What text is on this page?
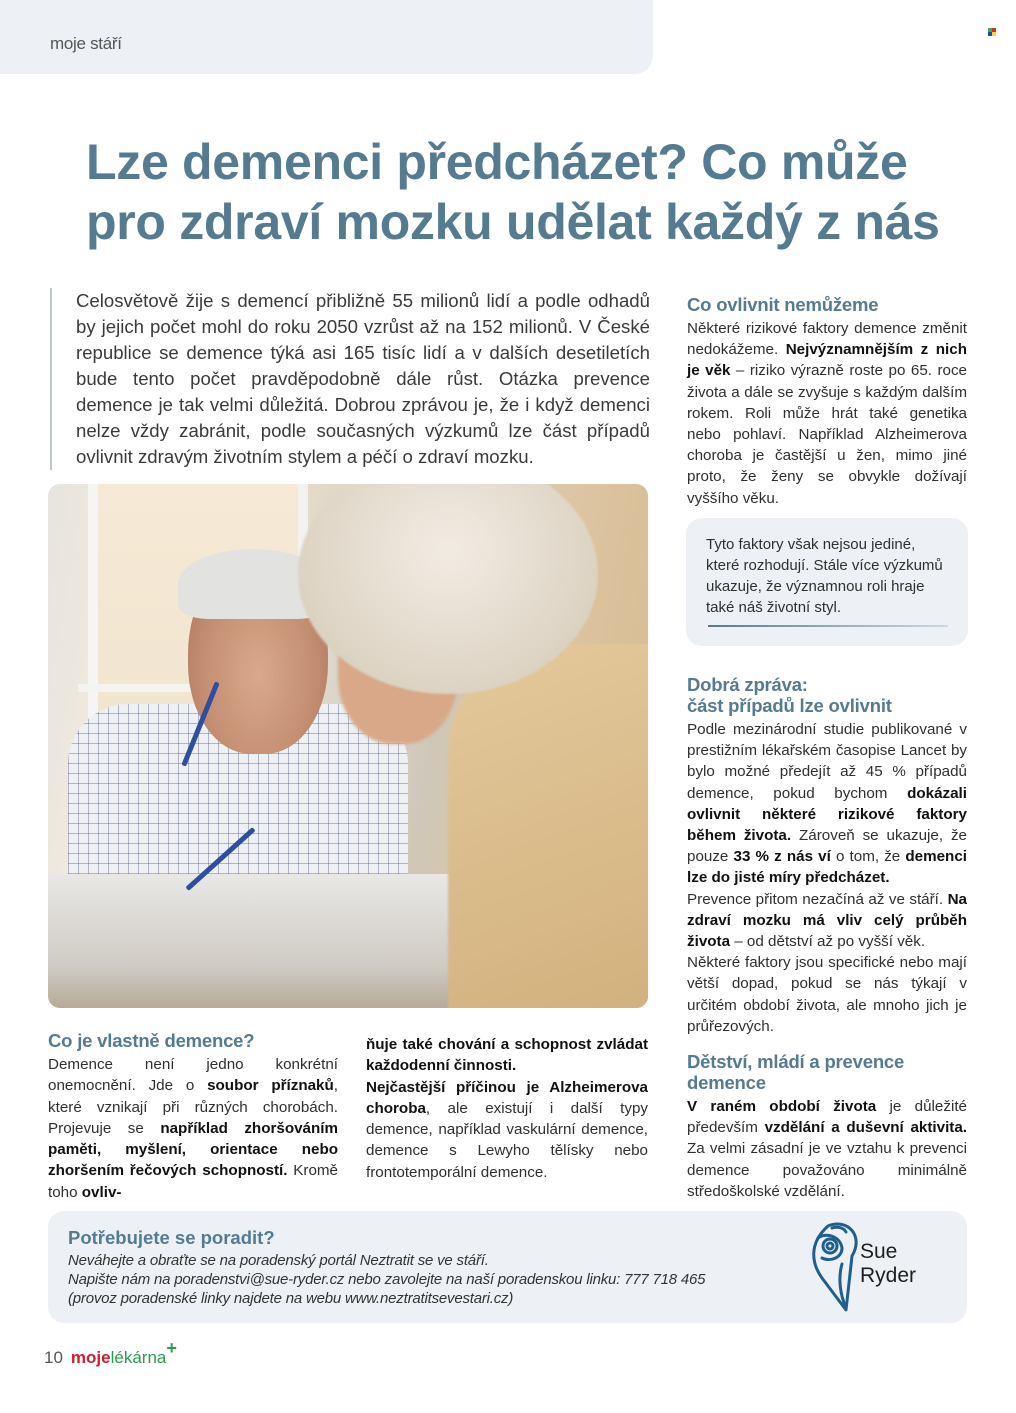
moje stáří
Lze demenci předcházet? Co může
pro zdraví mozku udělat každý z nás

Celosvětově žije s demencí přibližně 55 milionů lidí a podle odhadů by jejich počet mohl do roku 2050 vzrůst až na 152 milionů. V České republice se demence týká asi 165 tisíc lidí a v dalších desetiletích bude tento počet pravděpodobně dále růst. Otázka prevence demence je tak velmi důležitá. Dobrou zprávou je, že i když demenci nelze vždy zabránit, podle současných výzkumů lze část případů ovlivnit zdravým životním stylem a péčí o zdraví mozku.

Co ovlivnit nemůžeme

Některé rizikové faktory demence změnit nedokážeme. Nejvýznamnějším z nich je věk – riziko výrazně roste po 65. roce života a dále se zvyšuje s každým dalším rokem. Roli může hrát také genetika nebo pohlaví. Například Alzheimerova choroba je častější u žen, mimo jiné proto, že ženy se obvykle dožívají vyššího věku.

Tyto faktory však nejsou jediné, které rozhodují. Stále více výzkumů ukazuje, že významnou roli hraje také náš životní styl.

Dobrá zpráva:
část případů lze ovlivnit

Podle mezinárodní studie publikované v prestižním lékařském časopise Lancet by bylo možné předejít až 45 % případů demence, pokud bychom dokázali ovlivnit některé rizikové faktory během života. Zároveň se ukazuje, že pouze 33 % z nás ví o tom, že demenci lze do jisté míry předcházet.

Prevence přitom nezačíná až ve stáří. Na zdraví mozku má vliv celý průběh života – od dětství až po vyšší věk.

Některé faktory jsou specifické nebo mají větší dopad, pokud se nás týkají v určitém období života, ale mnoho jich je průřezových.

Dětství, mládí a prevence demence

V raném období života je důležité především vzdělání a duševní aktivita. Za velmi zásadní je ve vztahu k prevenci demence považováno minimálně středoškolské vzdělání.

Co je vlastně demence?

Demence není jedno konkrétní onemocnění. Jde o soubor příznaků, které vznikají při různých chorobách. Projevuje se například zhoršováním paměti, myšlení, orientace nebo zhoršením řečových schopností. Kromě toho ovliv-

ňuje také chování a schopnost zvládat každodenní činnosti.

Nejčastější příčinou je Alzheimerova choroba, ale existují i další typy demence, například vaskulární demence, demence s Lewyho tělísky nebo frontotemporální demence.

Potřebujete se poradit?
Neváhejte a obraťte se na poradenský portál Neztratit se ve stáří.
Napište nám na poradenstvi@sue-ryder.cz nebo zavolejte na naší poradenskou linku: 777 718 465
(provoz poradenské linky najdete na webu www.neztratitsevestari.cz)
Sue
Ryder
10 moje lékárna +
